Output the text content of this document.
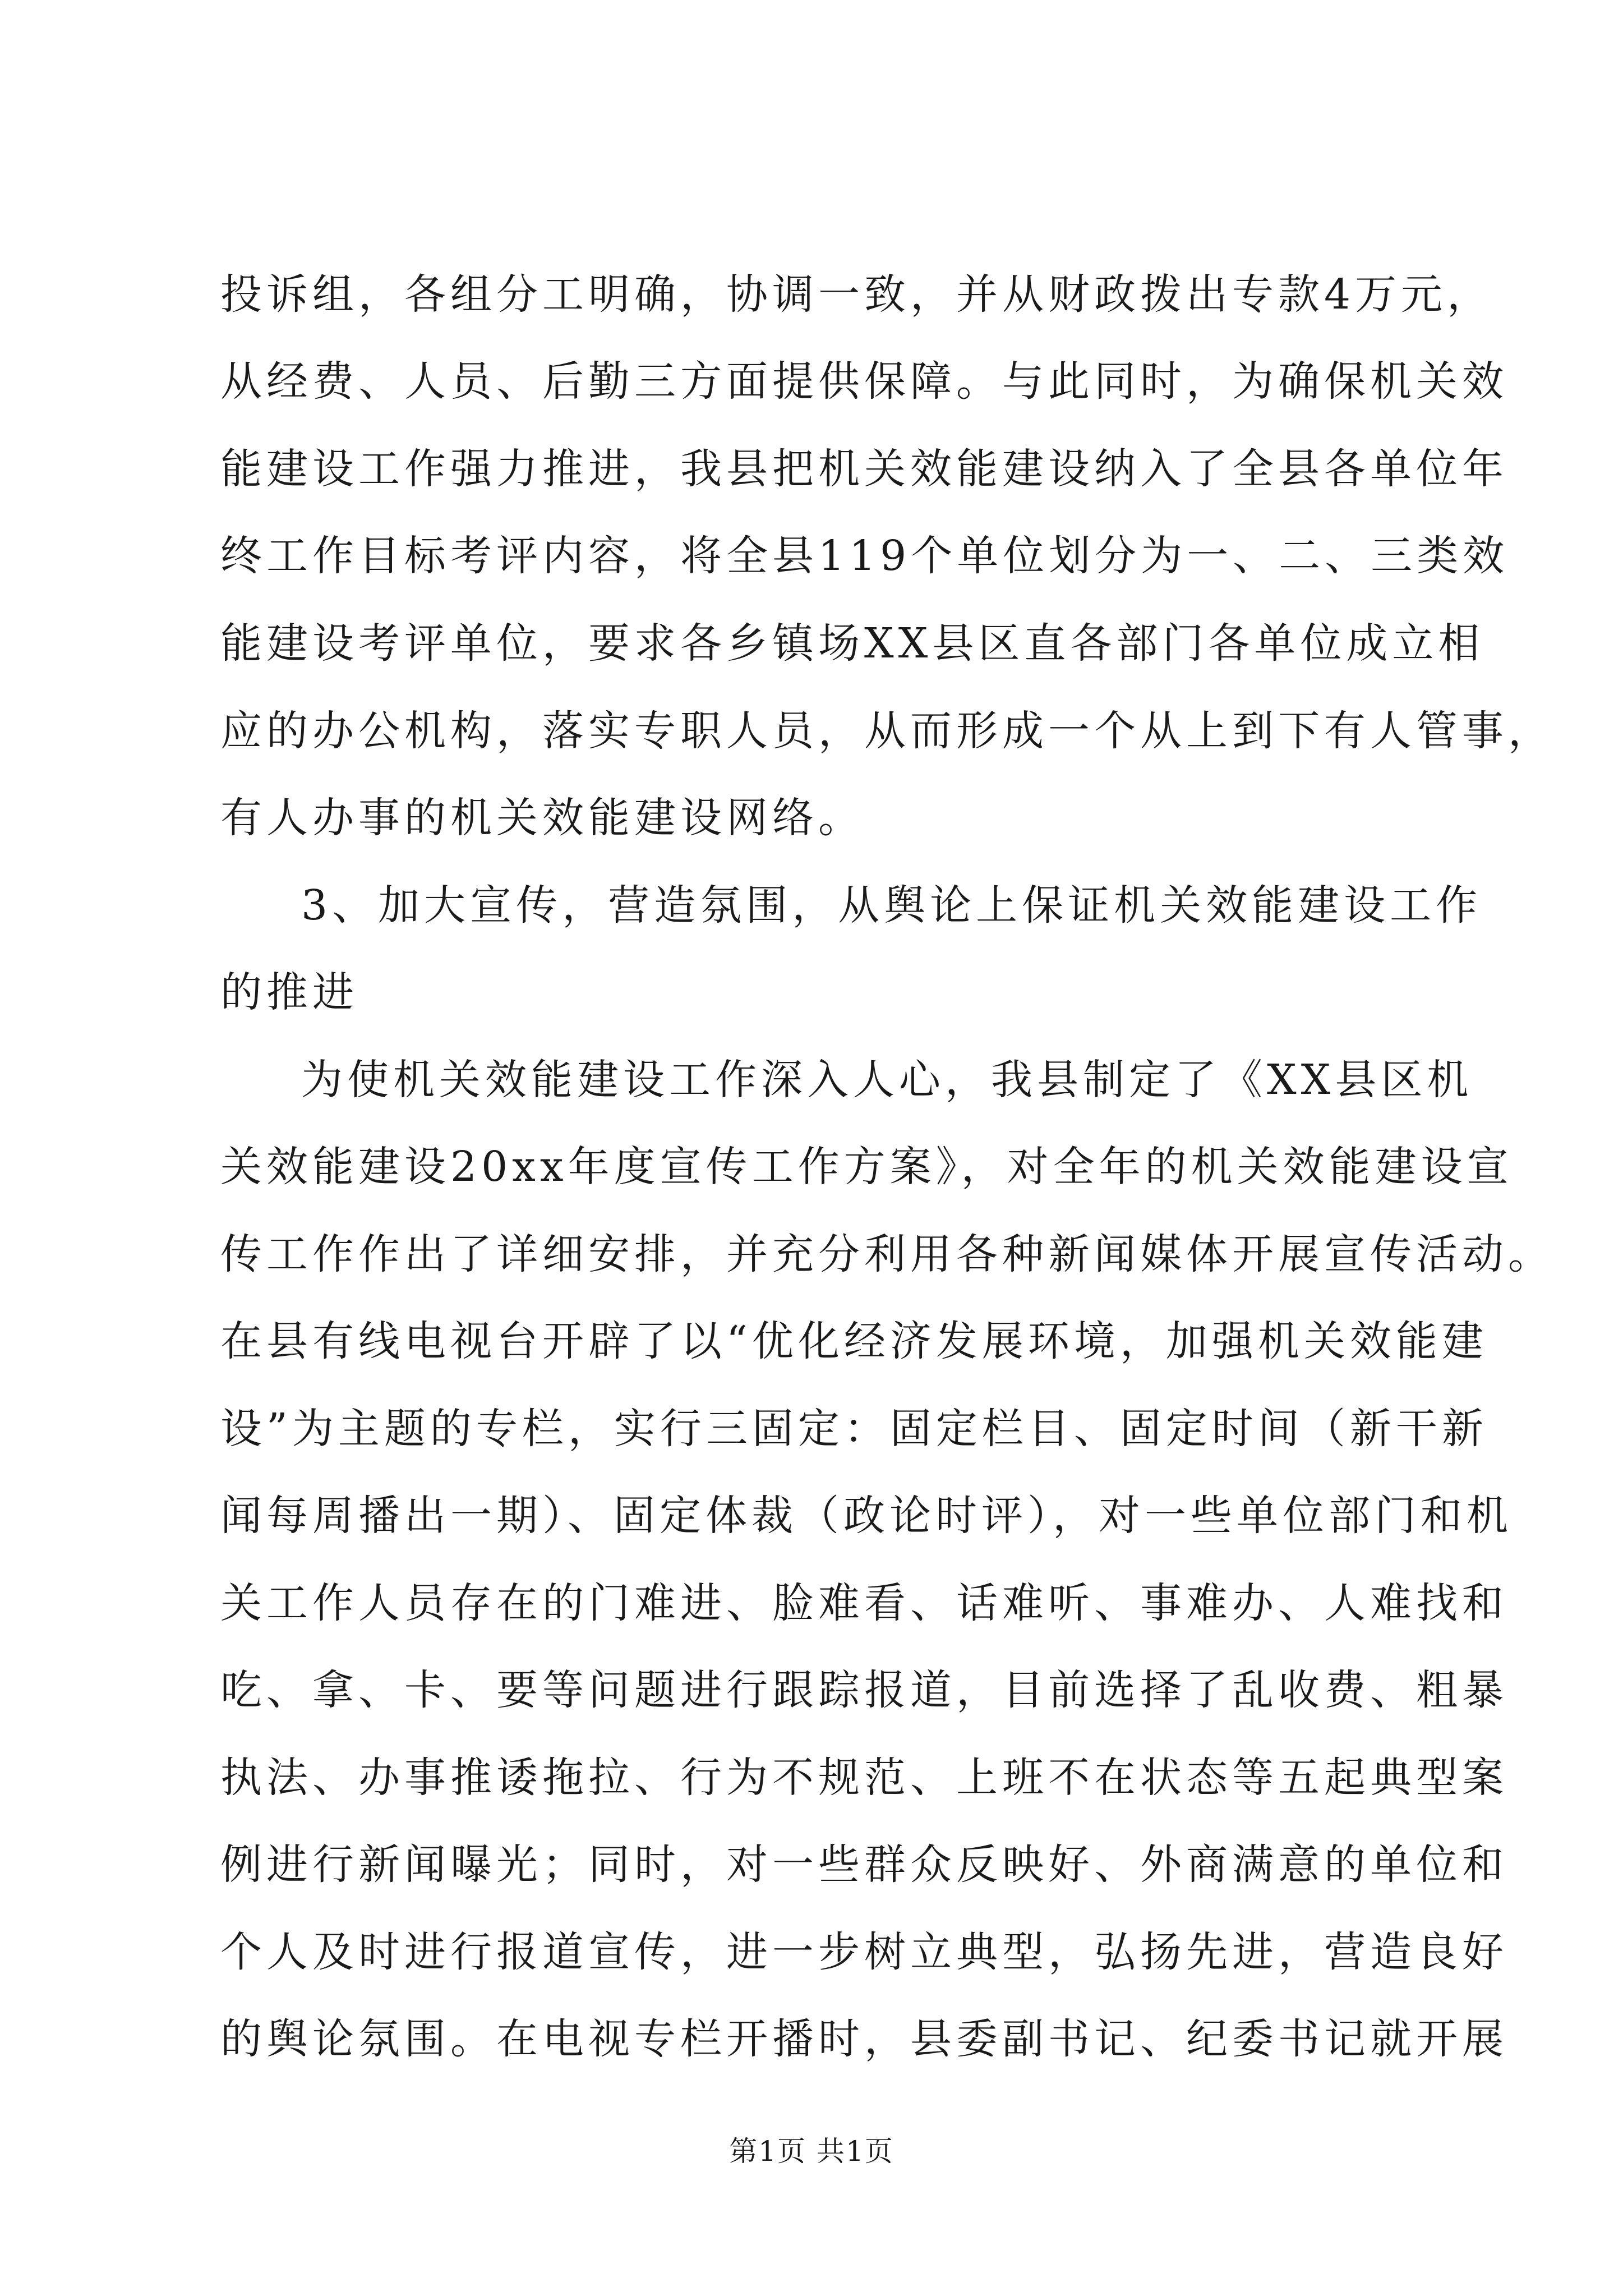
投诉组，各组分工明确，协调一致，并从财政拨出专款4万元，
从经费、人员、后勤三方面提供保障。与此同时，为确保机关效
能建设工作强力推进，我县把机关效能建设纳入了全县各单位年
终工作目标考评内容，将全县119个单位划分为一、二、三类效
能建设考评单位，要求各乡镇场XX县区直各部门各单位成立相
应的办公机构，落实专职人员，从而形成一个从上到下有人管事，
有人办事的机关效能建设网络。
3、加大宣传，营造氛围，从舆论上保证机关效能建设工作
的推进
为使机关效能建设工作深入人心，我县制定了《XX县区机
关效能建设20xx年度宣传工作方案》，对全年的机关效能建设宣
传工作作出了详细安排，并充分利用各种新闻媒体开展宣传活动。
在县有线电视台开辟了以“优化经济发展环境，加强机关效能建
设”为主题的专栏，实行三固定：固定栏目、固定时间（新干新
闻每周播出一期）、固定体裁（政论时评），对一些单位部门和机
关工作人员存在的门难进、脸难看、话难听、事难办、人难找和
吃、拿、卡、要等问题进行跟踪报道，目前选择了乱收费、粗暴
执法、办事推诿拖拉、行为不规范、上班不在状态等五起典型案
例进行新闻曝光；同时，对一些群众反映好、外商满意的单位和
个人及时进行报道宣传，进一步树立典型，弘扬先进，营造良好
的舆论氛围。在电视专栏开播时，县委副书记、纪委书记就开展
第1页 共1页
